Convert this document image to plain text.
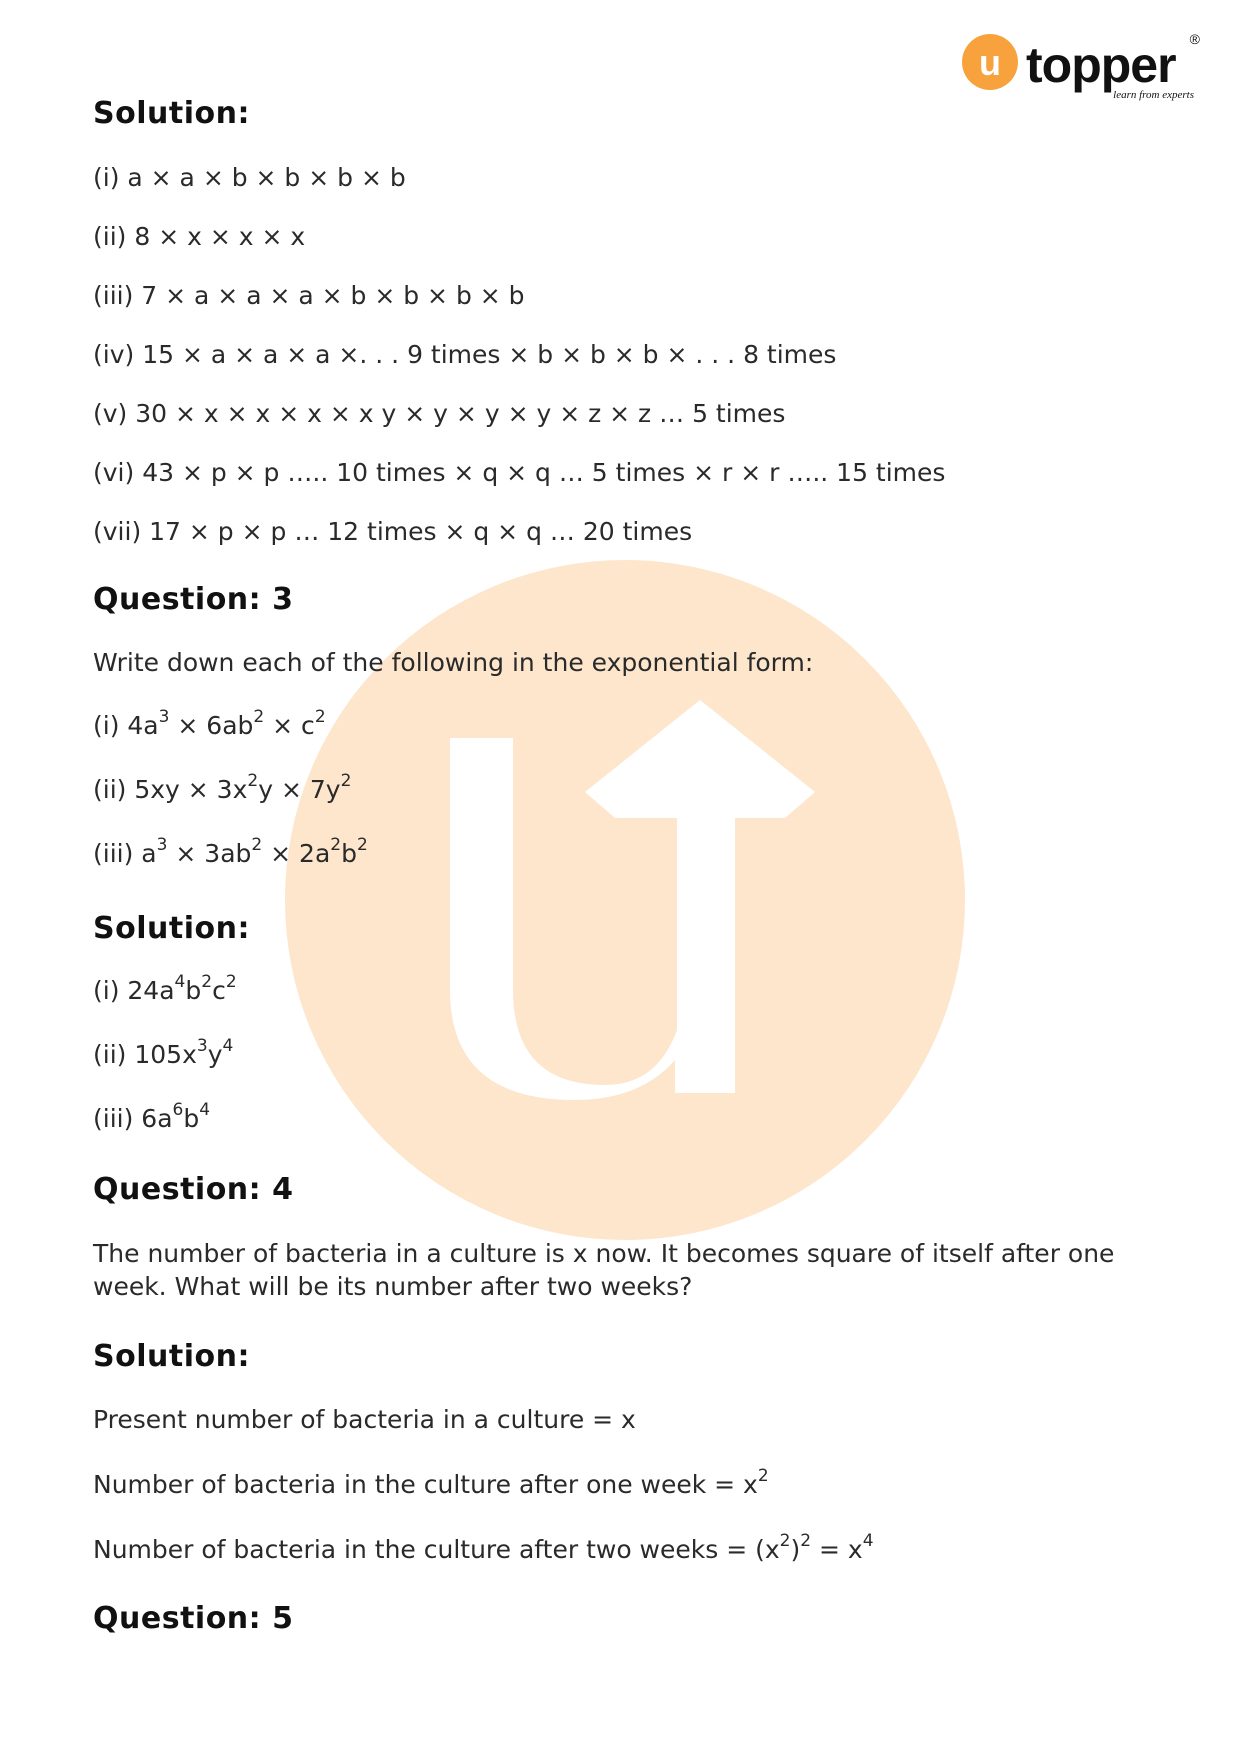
u topper ®
learn from experts
Solution:

(i) a × a × b × b × b × b

(ii) 8 × x × x × x

(iii) 7 × a × a × a × b × b × b × b

(iv) 15 × a × a × a ×. . . 9 times × b × b × b × . . . 8 times

(v) 30 × x × x × x × x y × y × y × y × z × z … 5 times

(vi) 43 × p × p ….. 10 times × q × q … 5 times × r × r ….. 15 times

(vii) 17 × p × p … 12 times × q × q … 20 times

Question: 3

Write down each of the following in the exponential form:

(i) $4a^3 \times 6ab^2 \times c^2$

(ii) $5xy \times 3x^2y \times 7y^2$

(iii) $a^3 \times 3ab^2 \times 2a^2b^2$

Solution:

(i) $24a^4b^2c^2$

(ii) $105x^3y^4$

(iii) $6a^6b^4$

Question: 4

The number of bacteria in a culture is x now. It becomes square of itself after one week. What will be its number after two weeks?

Solution:

Present number of bacteria in a culture = x

Number of bacteria in the culture after one week = $x^2$

Number of bacteria in the culture after two weeks = $(x^2)^2 = x^4$

Question: 5
